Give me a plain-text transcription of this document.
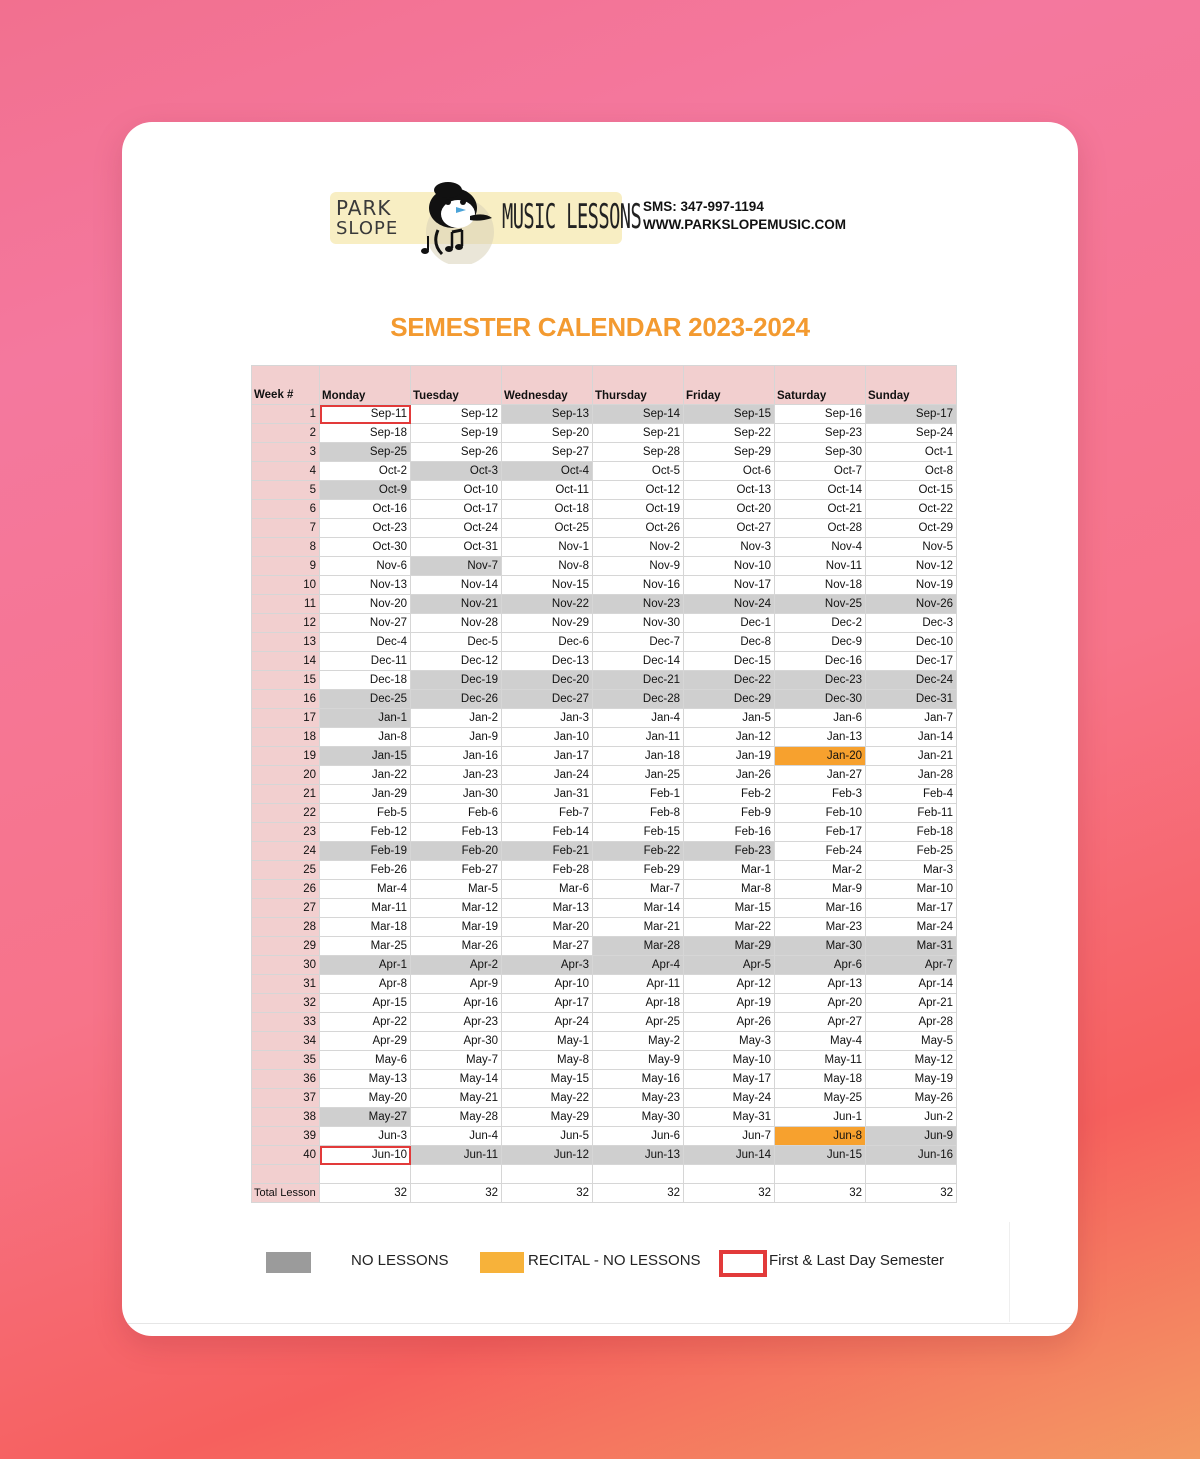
PARK
SLOPE	MUSIC LESSONS SMS: 347-997-1194
WWW.PARKSLOPEMUSIC.COM
SEMESTER CALENDAR 2023-2024
Week #	Monday	Tuesday	Wednesday	Thursday	Friday	Saturday	Sunday
1	Sep-11	Sep-12	Sep-13	Sep-14	Sep-15	Sep-16	Sep-17
2	Sep-18	Sep-19	Sep-20	Sep-21	Sep-22	Sep-23	Sep-24
3	Sep-25	Sep-26	Sep-27	Sep-28	Sep-29	Sep-30	Oct-1
4	Oct-2	Oct-3	Oct-4	Oct-5	Oct-6	Oct-7	Oct-8
5	Oct-9	Oct-10	Oct-11	Oct-12	Oct-13	Oct-14	Oct-15
6	Oct-16	Oct-17	Oct-18	Oct-19	Oct-20	Oct-21	Oct-22
7	Oct-23	Oct-24	Oct-25	Oct-26	Oct-27	Oct-28	Oct-29
8	Oct-30	Oct-31	Nov-1	Nov-2	Nov-3	Nov-4	Nov-5
9	Nov-6	Nov-7	Nov-8	Nov-9	Nov-10	Nov-11	Nov-12
10	Nov-13	Nov-14	Nov-15	Nov-16	Nov-17	Nov-18	Nov-19
11	Nov-20	Nov-21	Nov-22	Nov-23	Nov-24	Nov-25	Nov-26
12	Nov-27	Nov-28	Nov-29	Nov-30	Dec-1	Dec-2	Dec-3
13	Dec-4	Dec-5	Dec-6	Dec-7	Dec-8	Dec-9	Dec-10
14	Dec-11	Dec-12	Dec-13	Dec-14	Dec-15	Dec-16	Dec-17
15	Dec-18	Dec-19	Dec-20	Dec-21	Dec-22	Dec-23	Dec-24
16	Dec-25	Dec-26	Dec-27	Dec-28	Dec-29	Dec-30	Dec-31
17	Jan-1	Jan-2	Jan-3	Jan-4	Jan-5	Jan-6	Jan-7
18	Jan-8	Jan-9	Jan-10	Jan-11	Jan-12	Jan-13	Jan-14
19	Jan-15	Jan-16	Jan-17	Jan-18	Jan-19	Jan-20	Jan-21
20	Jan-22	Jan-23	Jan-24	Jan-25	Jan-26	Jan-27	Jan-28
21	Jan-29	Jan-30	Jan-31	Feb-1	Feb-2	Feb-3	Feb-4
22	Feb-5	Feb-6	Feb-7	Feb-8	Feb-9	Feb-10	Feb-11
23	Feb-12	Feb-13	Feb-14	Feb-15	Feb-16	Feb-17	Feb-18
24	Feb-19	Feb-20	Feb-21	Feb-22	Feb-23	Feb-24	Feb-25
25	Feb-26	Feb-27	Feb-28	Feb-29	Mar-1	Mar-2	Mar-3
26	Mar-4	Mar-5	Mar-6	Mar-7	Mar-8	Mar-9	Mar-10
27	Mar-11	Mar-12	Mar-13	Mar-14	Mar-15	Mar-16	Mar-17
28	Mar-18	Mar-19	Mar-20	Mar-21	Mar-22	Mar-23	Mar-24
29	Mar-25	Mar-26	Mar-27	Mar-28	Mar-29	Mar-30	Mar-31
30	Apr-1	Apr-2	Apr-3	Apr-4	Apr-5	Apr-6	Apr-7
31	Apr-8	Apr-9	Apr-10	Apr-11	Apr-12	Apr-13	Apr-14
32	Apr-15	Apr-16	Apr-17	Apr-18	Apr-19	Apr-20	Apr-21
33	Apr-22	Apr-23	Apr-24	Apr-25	Apr-26	Apr-27	Apr-28
34	Apr-29	Apr-30	May-1	May-2	May-3	May-4	May-5
35	May-6	May-7	May-8	May-9	May-10	May-11	May-12
36	May-13	May-14	May-15	May-16	May-17	May-18	May-19
37	May-20	May-21	May-22	May-23	May-24	May-25	May-26
38	May-27	May-28	May-29	May-30	May-31	Jun-1	Jun-2
39	Jun-3	Jun-4	Jun-5	Jun-6	Jun-7	Jun-8	Jun-9
40	Jun-10	Jun-11	Jun-12	Jun-13	Jun-14	Jun-15	Jun-16

Total Lesson	32	32	32	32	32	32	32
NO LESSONS	RECITAL - NO LESSONS	First & Last Day Semester
